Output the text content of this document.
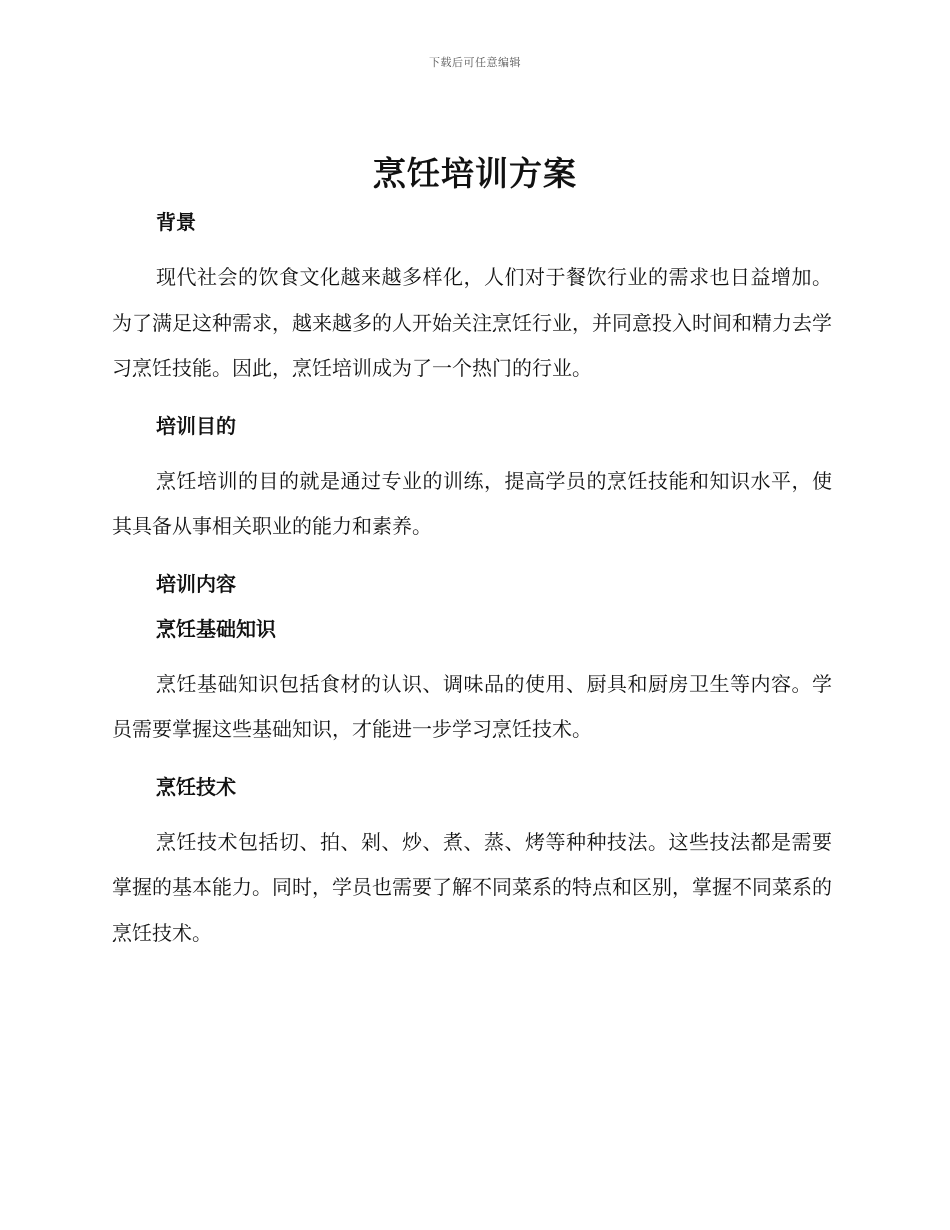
下载后可任意编辑
烹饪培训方案
背景

现代社会的饮食文化越来越多样化，人们对于餐饮行业的需求也日益增加。为了满足这种需求，越来越多的人开始关注烹饪行业，并同意投入时间和精力去学习烹饪技能。因此，烹饪培训成为了一个热门的行业。

培训目的

烹饪培训的目的就是通过专业的训练，提高学员的烹饪技能和知识水平，使其具备从事相关职业的能力和素养。

培训内容
烹饪基础知识

烹饪基础知识包括食材的认识、调味品的使用、厨具和厨房卫生等内容。学员需要掌握这些基础知识，才能进一步学习烹饪技术。

烹饪技术

烹饪技术包括切、拍、剁、炒、煮、蒸、烤等种种技法。这些技法都是需要掌握的基本能力。同时，学员也需要了解不同菜系的特点和区别，掌握不同菜系的烹饪技术。
